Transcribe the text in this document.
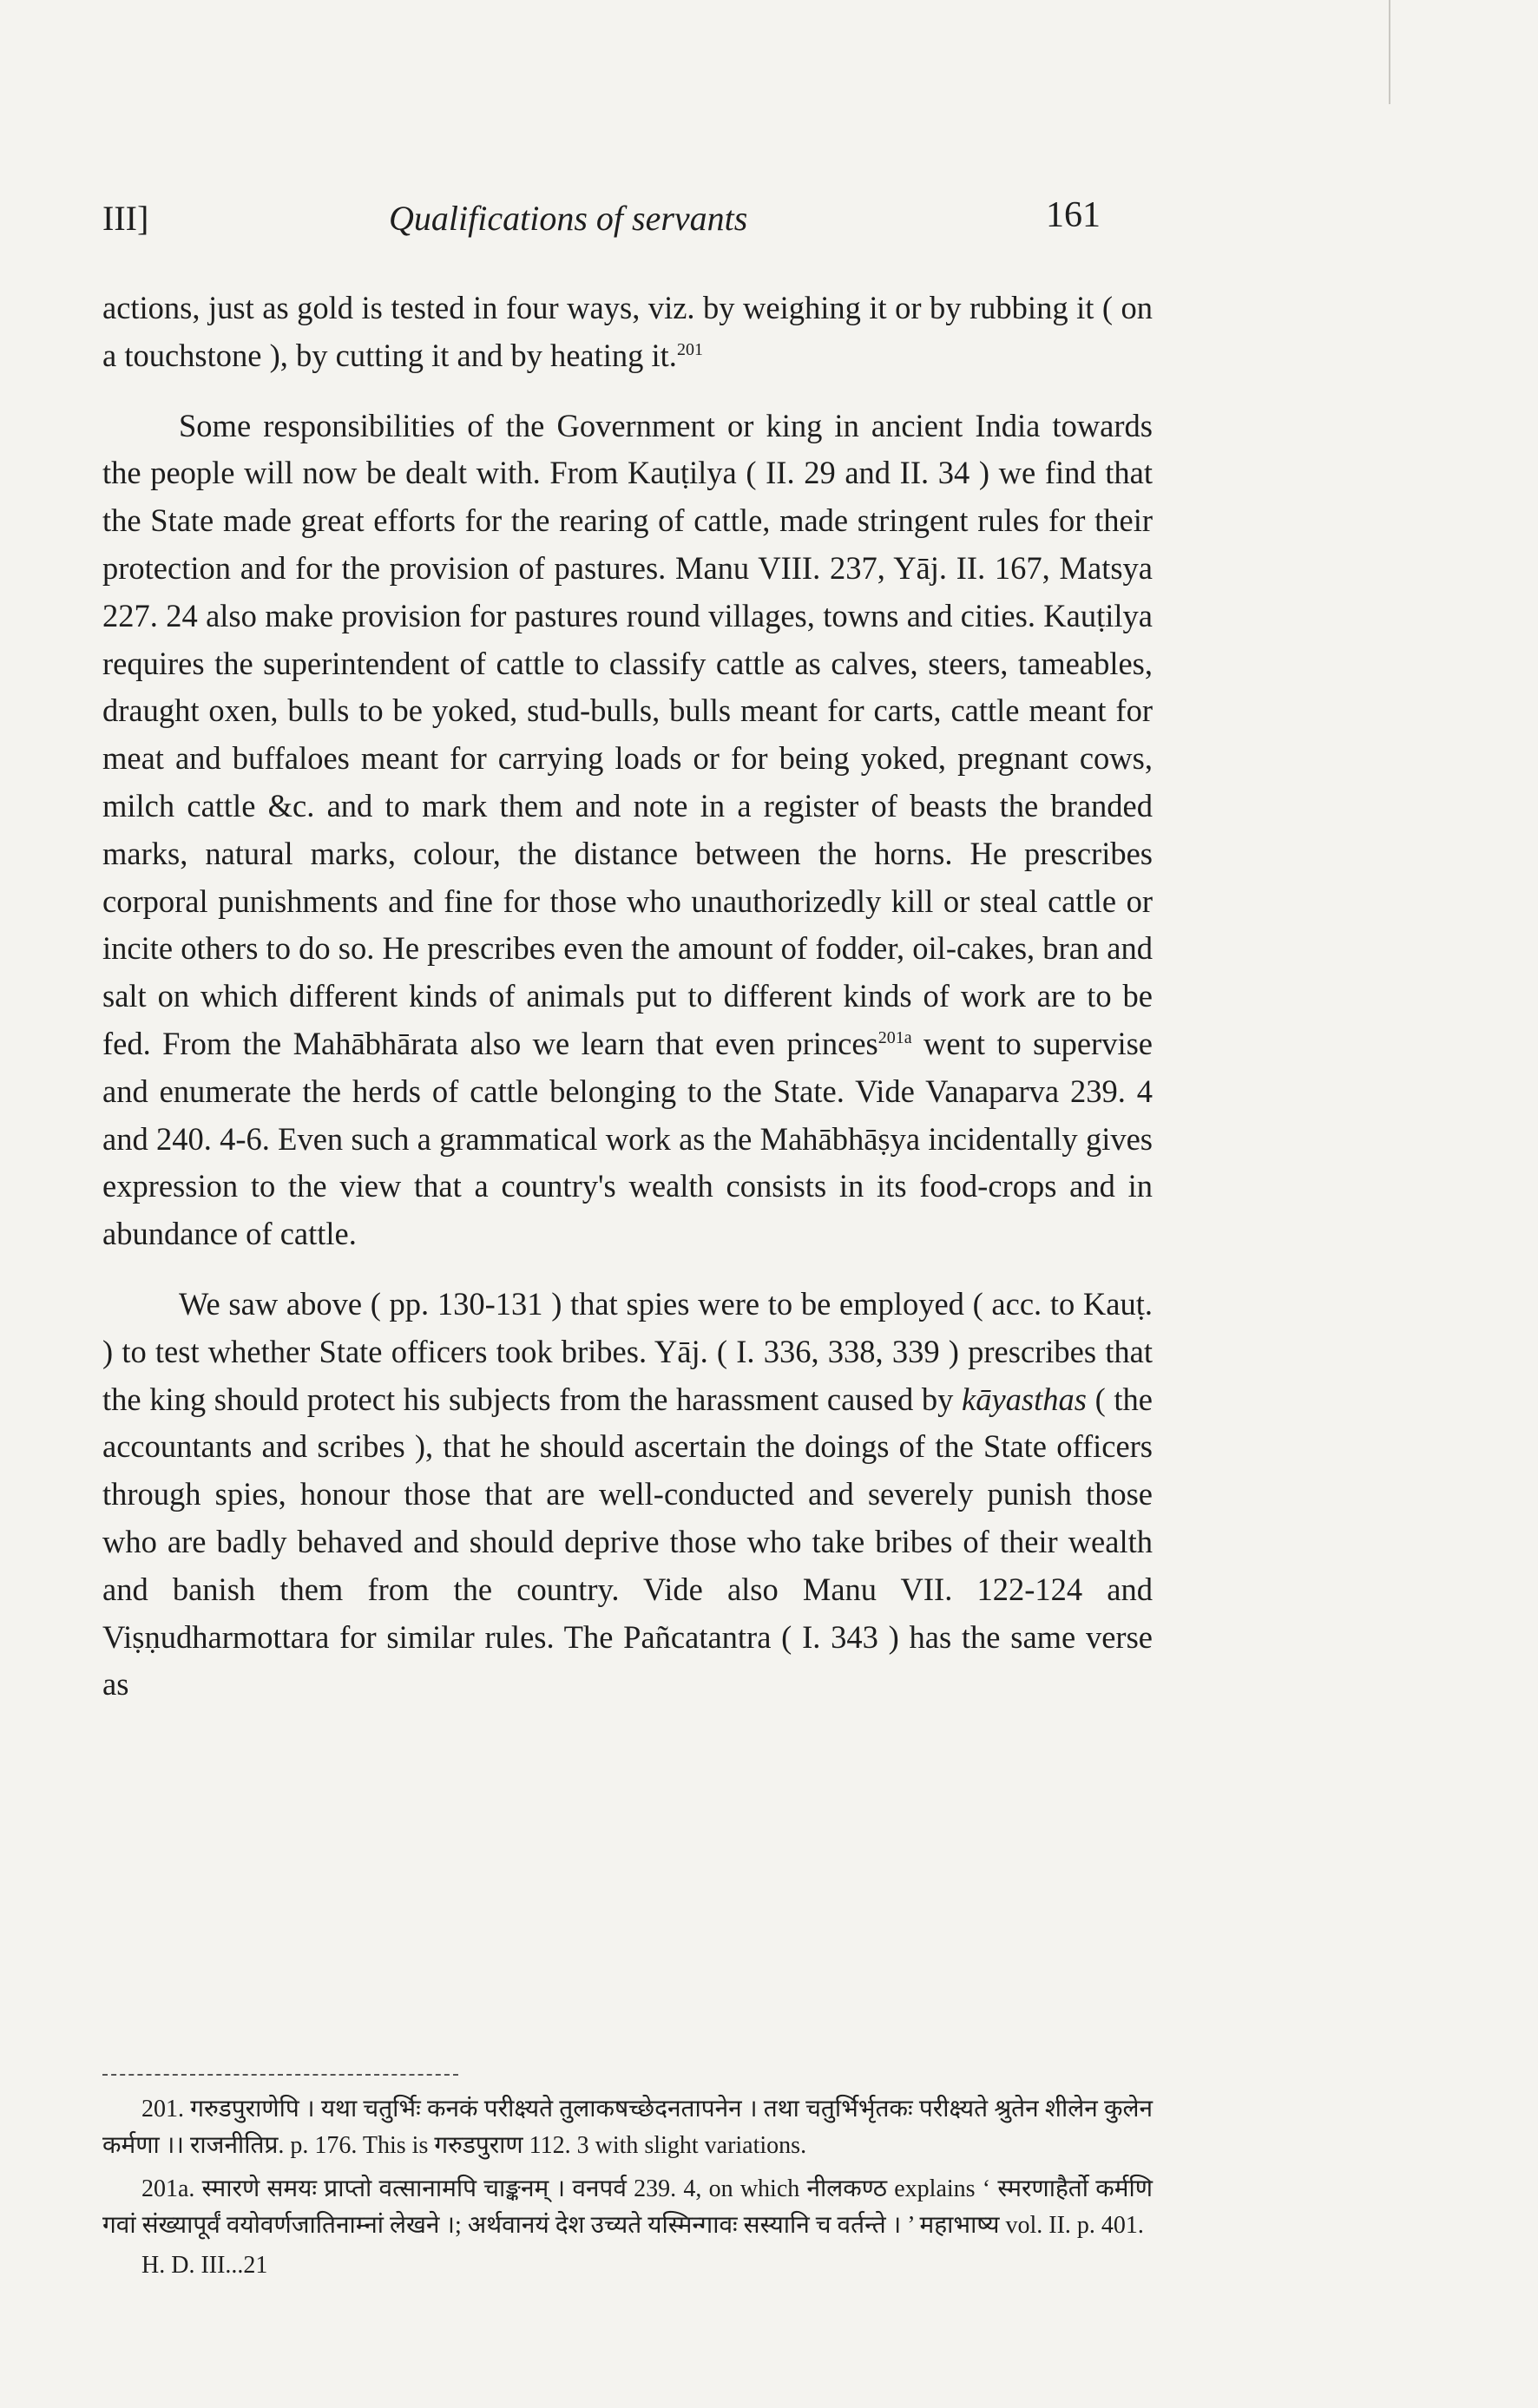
III]	Qualifications of servants	161

actions, just as gold is tested in four ways, viz. by weighing it or by rubbing it ( on a touchstone ), by cutting it and by heating it.$^{201}$

Some responsibilities of the Government or king in ancient India towards the people will now be dealt with. From Kauṭilya ( II. 29 and II. 34 ) we find that the State made great efforts for the rearing of cattle, made stringent rules for their protection and for the provision of pastures. Manu VIII. 237, Yāj. II. 167, Matsya 227. 24 also make provision for pastures round villages, towns and cities. Kauṭilya requires the superintendent of cattle to classify cattle as calves, steers, tameables, draught oxen, bulls to be yoked, stud-bulls, bulls meant for carts, cattle meant for meat and buffaloes meant for carrying loads or for being yoked, pregnant cows, milch cattle &c. and to mark them and note in a register of beasts the branded marks, natural marks, colour, the distance between the horns. He prescribes corporal punishments and fine for those who unauthorizedly kill or steal cattle or incite others to do so. He prescribes even the amount of fodder, oil-cakes, bran and salt on which different kinds of animals put to different kinds of work are to be fed. From the Mahābhārata also we learn that even princes$^{201a}$ went to supervise and enumerate the herds of cattle belonging to the State. Vide Vanaparva 239. 4 and 240. 4-6. Even such a grammatical work as the Mahābhāṣya incidentally gives expression to the view that a country's wealth consists in its food-crops and in abundance of cattle.

We saw above ( pp. 130-131 ) that spies were to be employed ( acc. to Kauṭ. ) to test whether State officers took bribes. Yāj. ( I. 336, 338, 339 ) prescribes that the king should protect his subjects from the harassment caused by kāyasthas ( the accountants and scribes ), that he should ascertain the doings of the State officers through spies, honour those that are well-conducted and severely punish those who are badly behaved and should deprive those who take bribes of their wealth and banish them from the country. Vide also Manu VII. 122-124 and Viṣṇudharmottara for similar rules. The Pañcatantra ( I. 343 ) has the same verse as

201. गरुडपुराणेपि । यथा चतुर्भिः कनकं परीक्ष्यते तुलाकषच्छेदनतापनेन । तथा चतुर्भिर्भृतकः परीक्ष्यते श्रुतेन शीलेन कुलेन कर्मणा ।। राजनीतिप्र. p. 176. This is गरुडपुराण 112. 3 with slight variations.

201a. स्मारणे समयः प्राप्तो वत्सानामपि चाङ्कनम् । वनपर्व 239. 4, on which नीलकण्ठ explains ‘ स्मरणाहैर्तो कर्मणि गवां संख्यापूर्वं वयोवर्णजातिनाम्नां लेखने ।; अर्थवानयं देश उच्यते यस्मिन्गावः सस्यानि च वर्तन्ते । ’ महाभाष्य vol. II. p. 401.

H. D. III...21
